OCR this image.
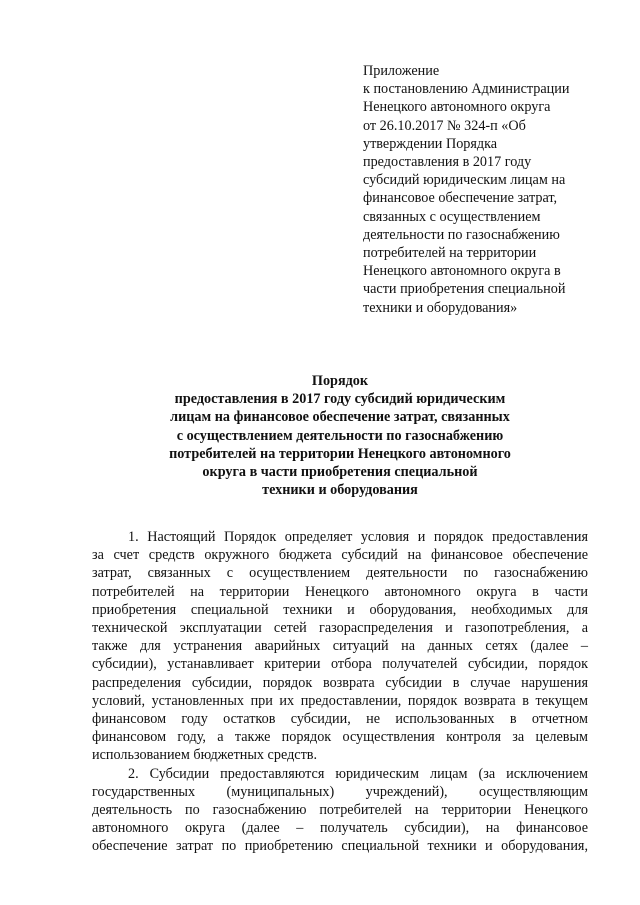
Приложение
к постановлению Администрации
Ненецкого автономного округа
от 26.10.2017 № 324-п «Об
утверждении Порядка
предоставления в 2017 году
субсидий юридическим лицам на
финансовое обеспечение затрат,
связанных с осуществлением
деятельности по газоснабжению
потребителей на территории
Ненецкого автономного округа в
части приобретения специальной
техники и оборудования»
Порядок
предоставления в 2017 году субсидий юридическим
лицам на финансовое обеспечение затрат, связанных
с осуществлением деятельности по газоснабжению
потребителей на территории Ненецкого автономного
округа в части приобретения специальной
техники и оборудования
1. Настоящий Порядок определяет условия и порядок предоставления
за счет средств окружного бюджета субсидий на финансовое обеспечение
затрат, связанных с осуществлением деятельности по газоснабжению
потребителей на территории Ненецкого автономного округа в части
приобретения специальной техники и оборудования, необходимых для
технической эксплуатации сетей газораспределения и газопотребления, а
также для устранения аварийных ситуаций на данных сетях (далее –
субсидии), устанавливает критерии отбора получателей субсидии, порядок
распределения субсидии, порядок возврата субсидии в случае нарушения
условий, установленных при их предоставлении, порядок возврата в текущем
финансовом году остатков субсидии, не использованных в отчетном
финансовом году, а также порядок осуществления контроля за целевым
использованием бюджетных средств.
2. Субсидии предоставляются юридическим лицам (за исключением
государственных (муниципальных) учреждений), осуществляющим
деятельность по газоснабжению потребителей на территории Ненецкого
автономного округа (далее – получатель субсидии), на финансовое
обеспечение затрат по приобретению специальной техники и оборудования,
